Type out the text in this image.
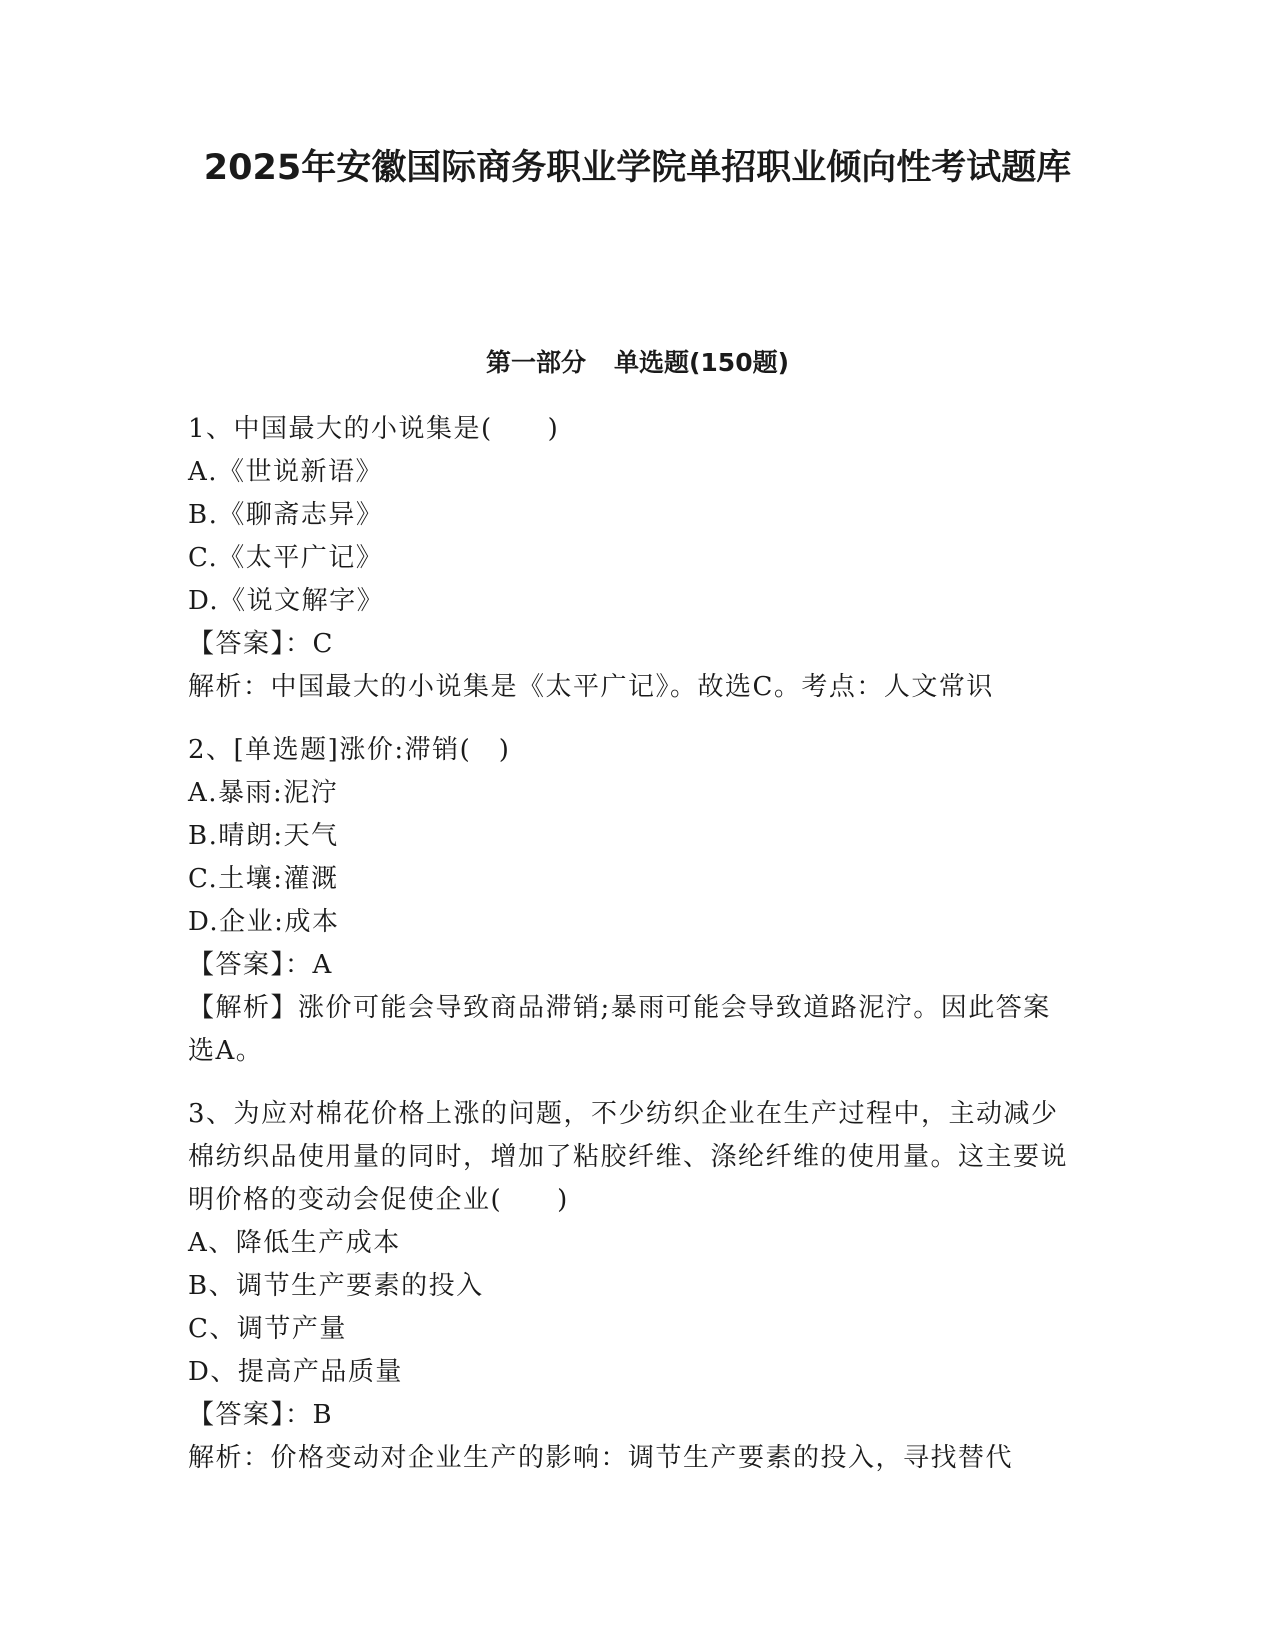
2025年安徽国际商务职业学院单招职业倾向性考试题库
第一部分 单选题(150题)

1、中国最大的小说集是(　　)

A.《世说新语》

B.《聊斋志异》

C.《太平广记》

D.《说文解字》

【答案】：C

解析：中国最大的小说集是《太平广记》。故选C。考点：人文常识

2、[单选题]涨价:滞销(　)

A.暴雨:泥泞

B.晴朗:天气

C.土壤:灌溉

D.企业:成本

【答案】：A

【解析】涨价可能会导致商品滞销;暴雨可能会导致道路泥泞。因此答案选A。

3、为应对棉花价格上涨的问题，不少纺织企业在生产过程中，主动减少棉纺织品使用量的同时，增加了粘胶纤维、涤纶纤维的使用量。这主要说明价格的变动会促使企业(　　)

A、降低生产成本

B、调节生产要素的投入

C、调节产量

D、提高产品质量

【答案】：B

解析：价格变动对企业生产的影响：调节生产要素的投入，寻找替代
